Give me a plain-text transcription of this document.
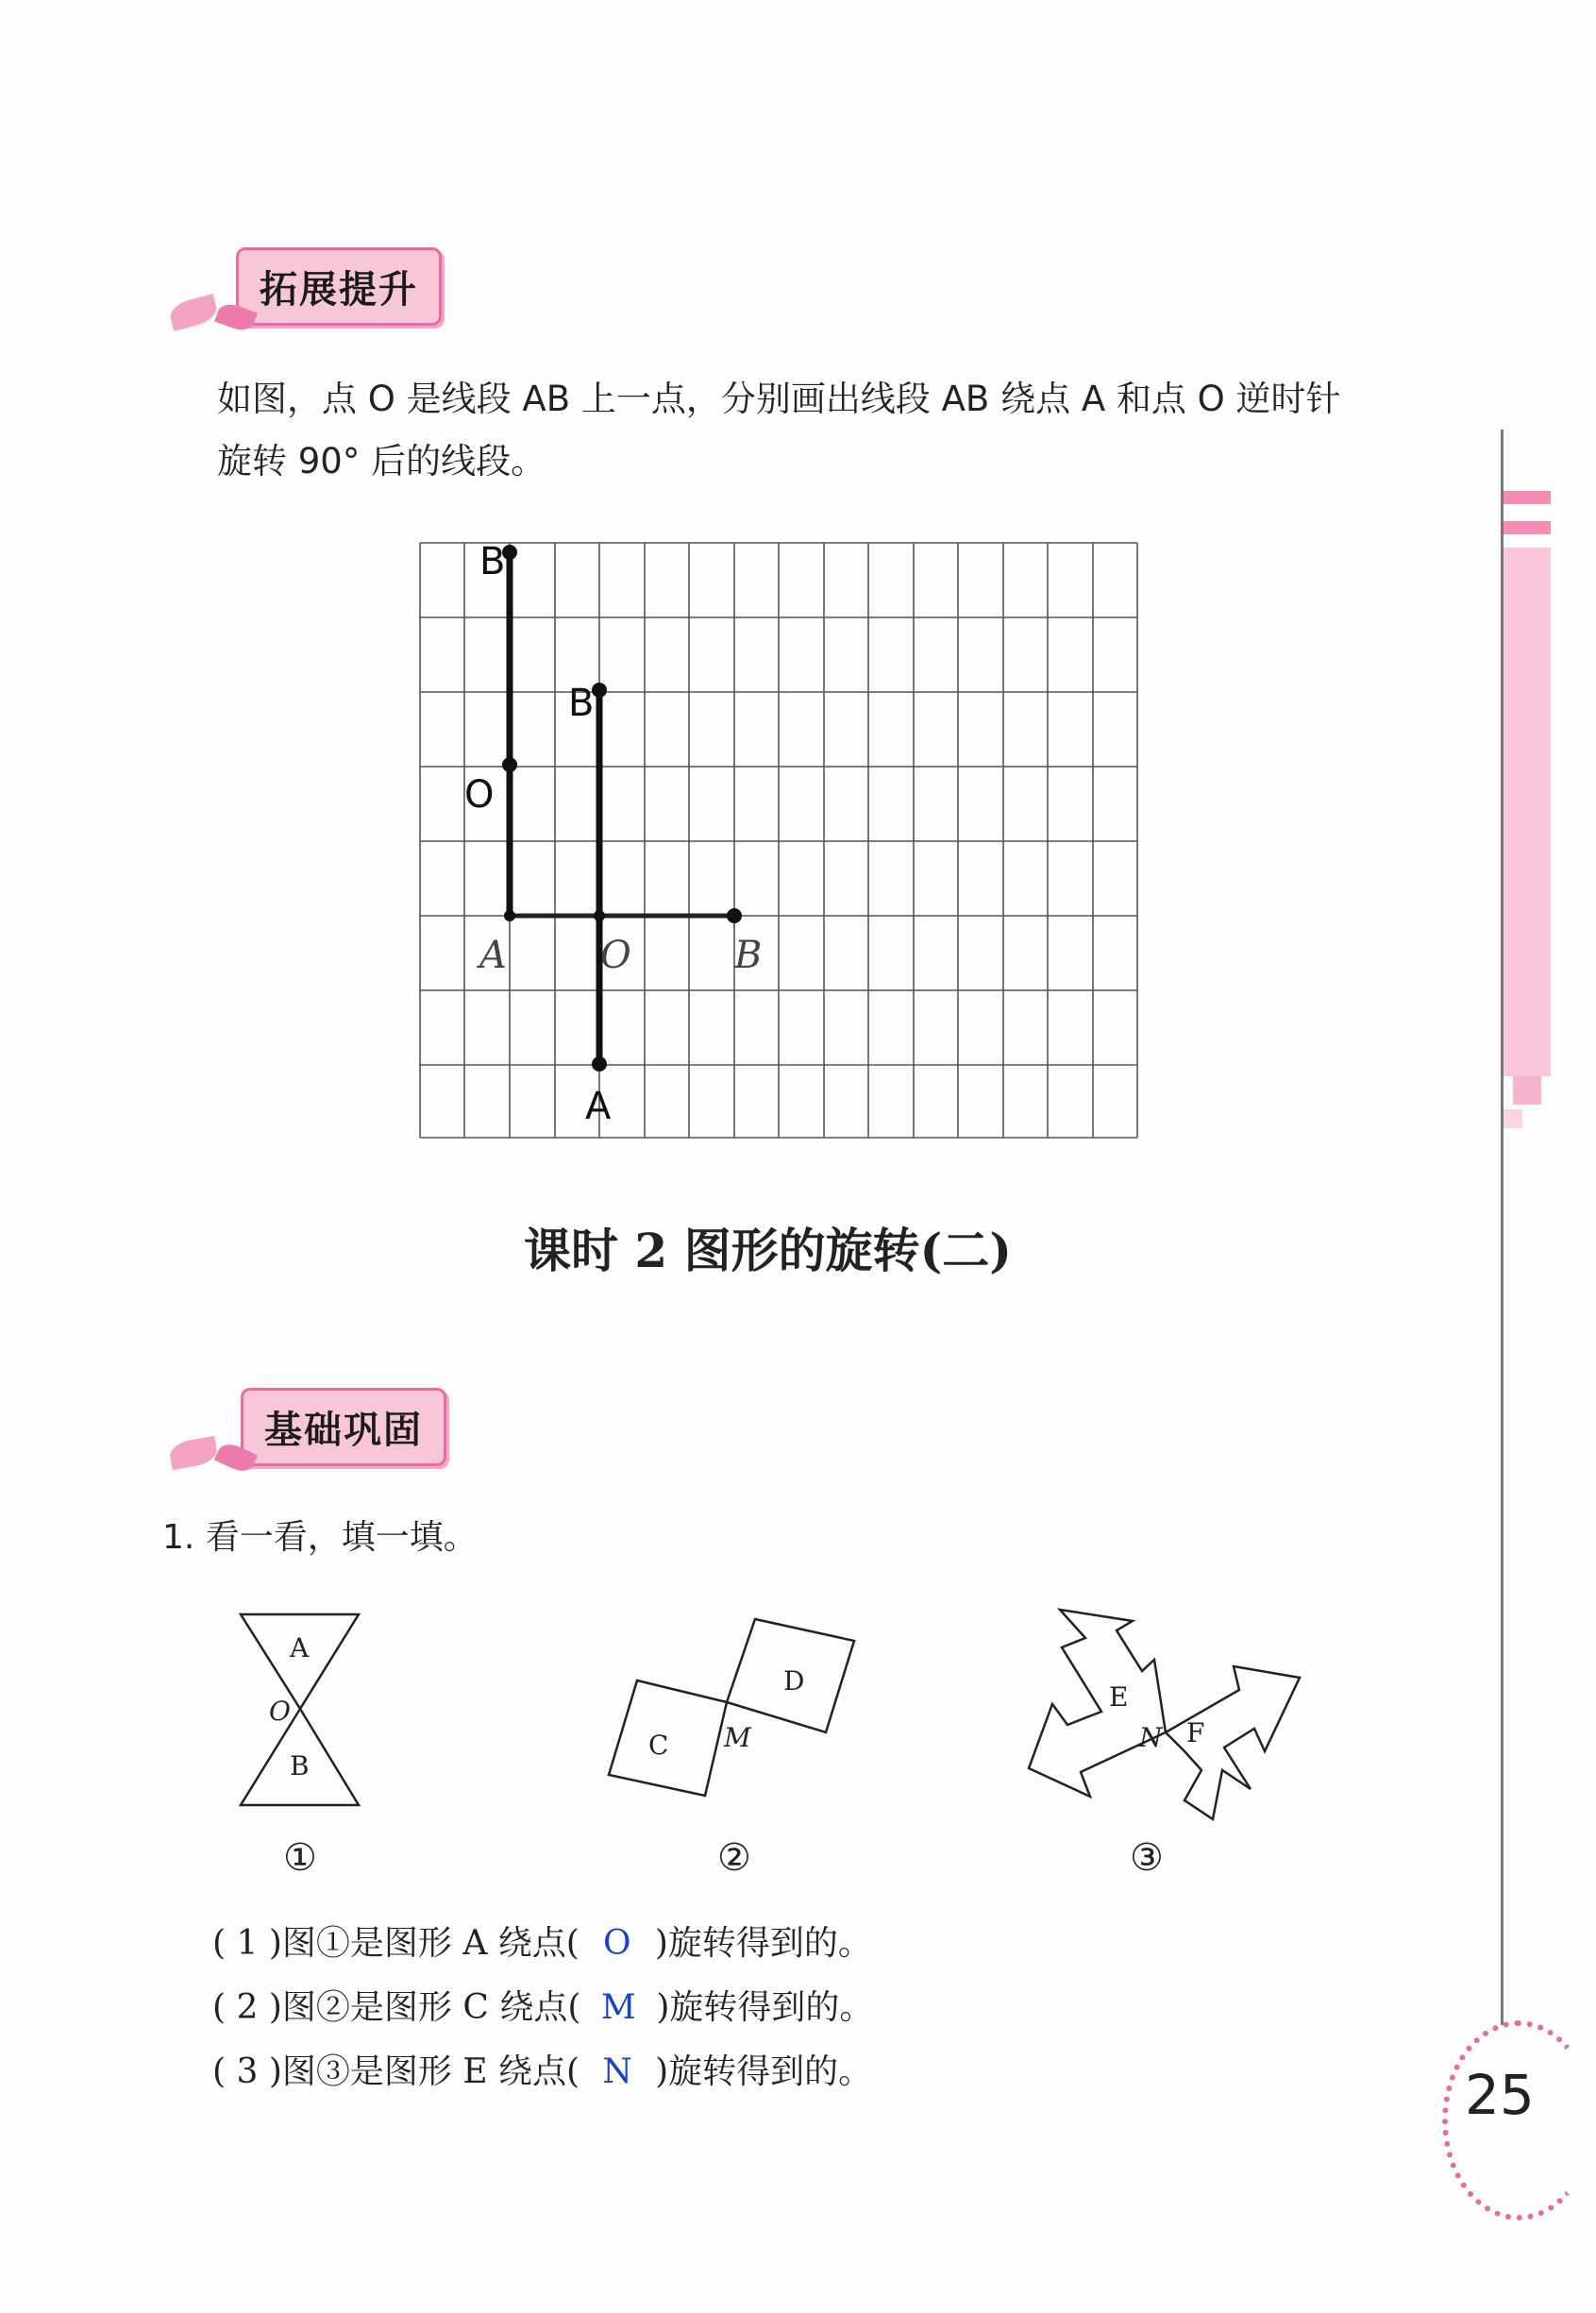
拓展提升
如图，点 O 是线段 AB 上一点，分别画出线段 AB 绕点 A 和点 O 逆时针
旋转 90° 后的线段。
B
O
B
A
A O	B
课时 2 图形的旋转(二)
基础巩固
1. 看一看，填一填。
A
O
B
D
C M
E
N F
①	②	③
( 1 )图①是图形 A 绕点( O )旋转得到的。
( 2 )图②是图形 C 绕点( M )旋转得到的。
( 3 )图③是图形 E 绕点( N )旋转得到的。	25
